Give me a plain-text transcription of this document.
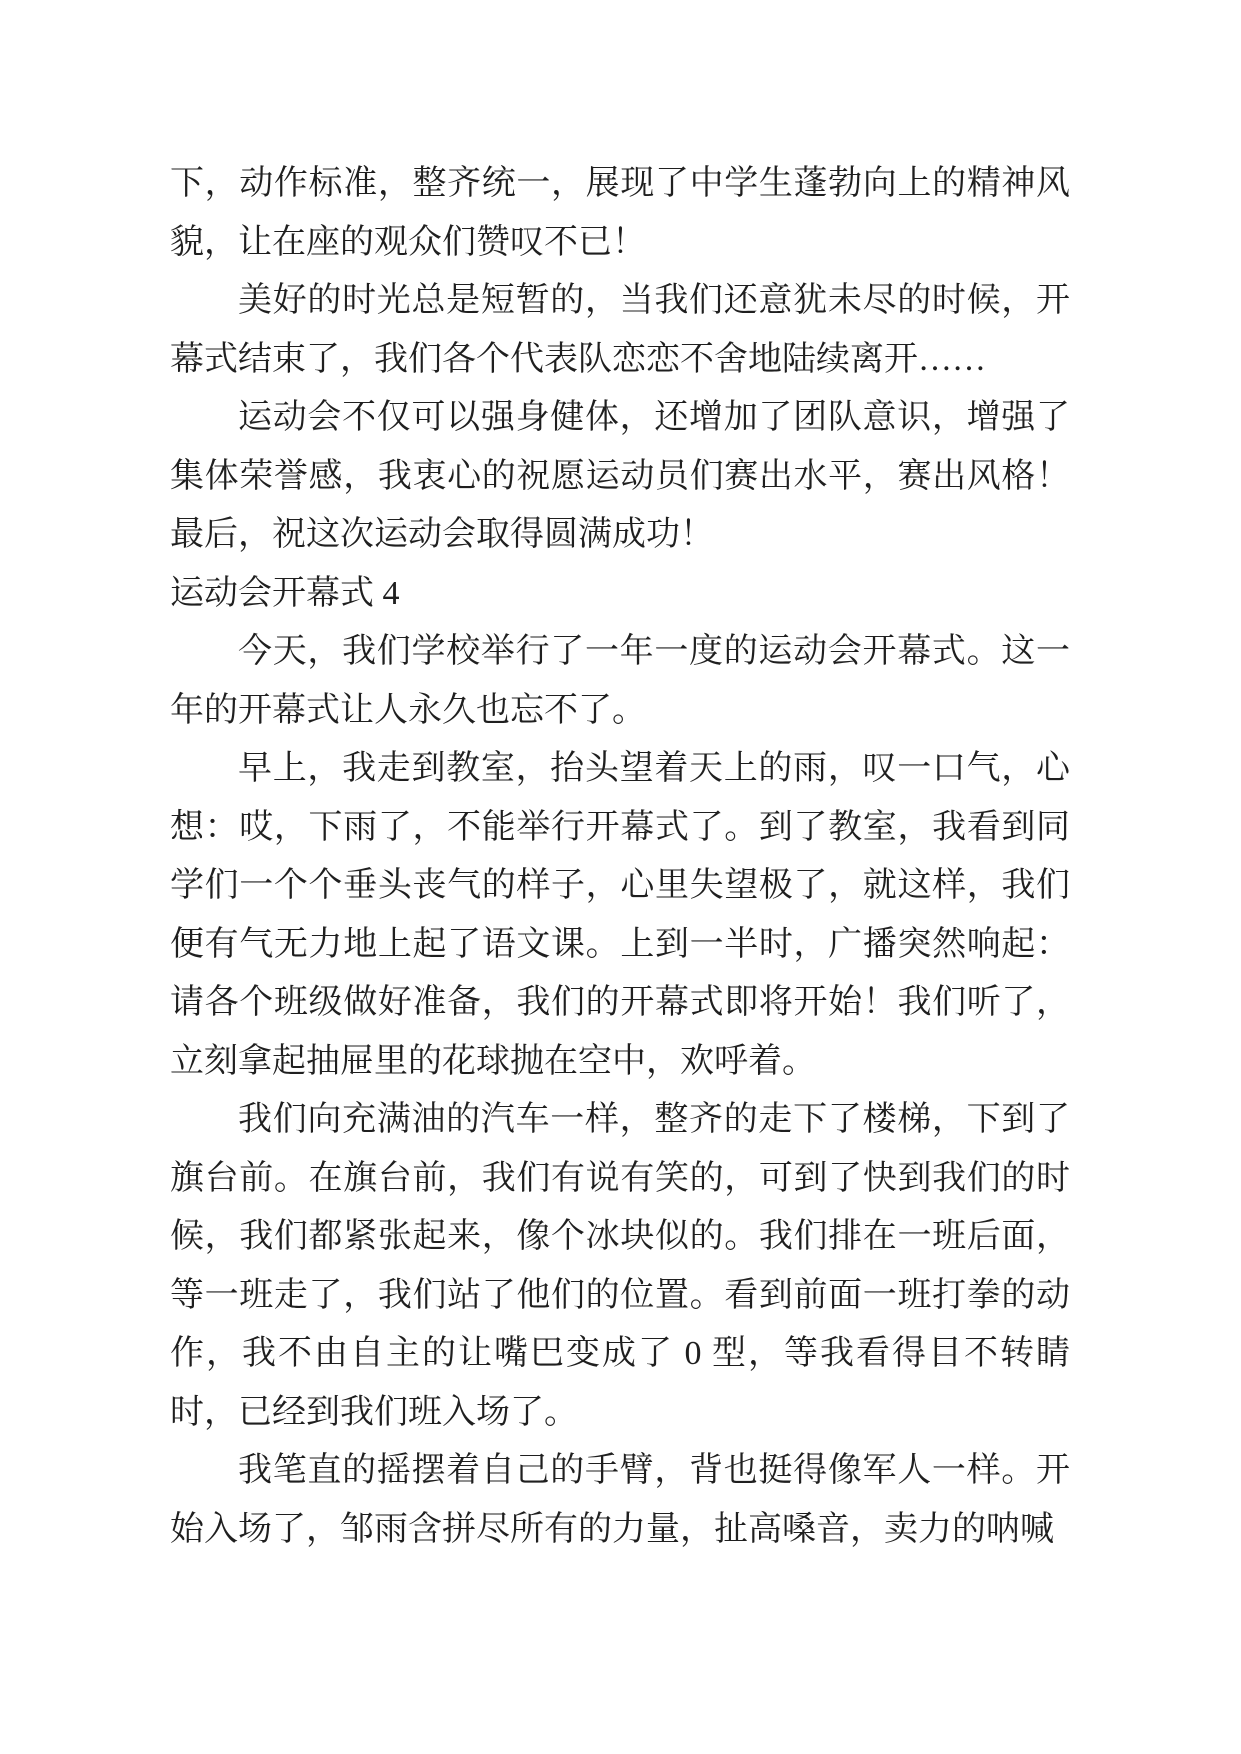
下，动作标准，整齐统一，展现了中学生蓬勃向上的精神风貌，让在座的观众们赞叹不已！

美好的时光总是短暂的，当我们还意犹未尽的时候，开幕式结束了，我们各个代表队恋恋不舍地陆续离开……

运动会不仅可以强身健体，还增加了团队意识，增强了集体荣誉感，我衷心的祝愿运动员们赛出水平，赛出风格！最后，祝这次运动会取得圆满成功！

运动会开幕式 4

今天，我们学校举行了一年一度的运动会开幕式。这一年的开幕式让人永久也忘不了。

早上，我走到教室，抬头望着天上的雨，叹一口气，心想：哎，下雨了，不能举行开幕式了。到了教室，我看到同学们一个个垂头丧气的样子，心里失望极了，就这样，我们便有气无力地上起了语文课。上到一半时，广播突然响起：请各个班级做好准备，我们的开幕式即将开始！我们听了，立刻拿起抽屉里的花球抛在空中，欢呼着。

我们向充满油的汽车一样，整齐的走下了楼梯，下到了旗台前。在旗台前，我们有说有笑的，可到了快到我们的时候，我们都紧张起来，像个冰块似的。我们排在一班后面，等一班走了，我们站了他们的位置。看到前面一班打拳的动作，我不由自主的让嘴巴变成了 0 型，等我看得目不转睛时，已经到我们班入场了。

我笔直的摇摆着自己的手臂，背也挺得像军人一样。开始入场了，邹雨含拼尽所有的力量，扯高嗓音，卖力的呐喊
